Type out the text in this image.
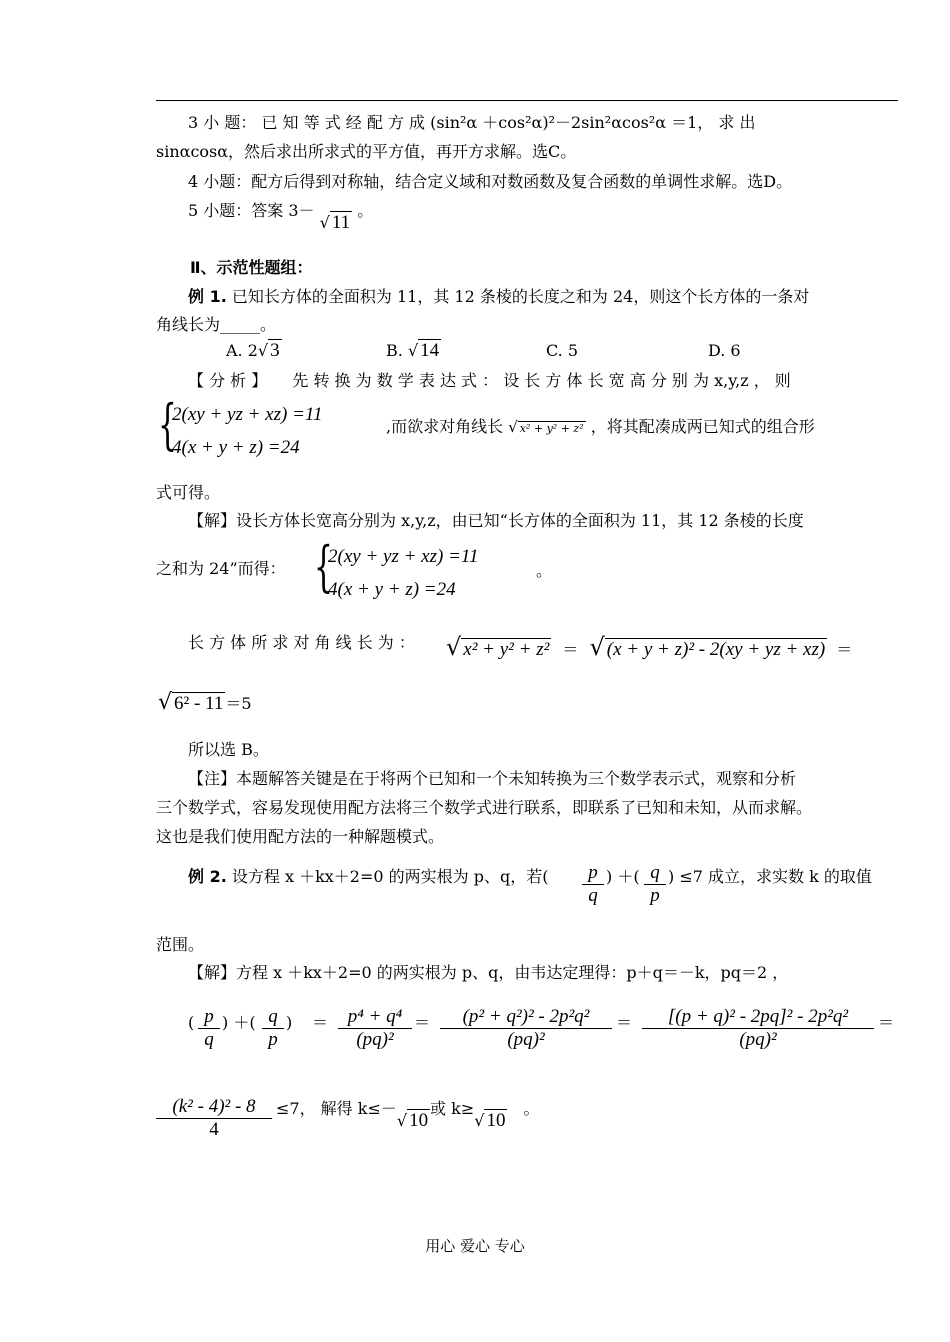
3 小 题： 已 知 等 式 经 配 方 成 (sin²α ＋cos²α)²－2sin²αcos²α ＝1， 求 出
sinαcosα，然后求出所求式的平方值，再开方求解。选C。
4 小题：配方后得到对称轴，结合定义域和对数函数及复合函数的单调性求解。选D。
5 小题：答案 3－ √ 11 。
Ⅱ、示范性题组：
例 1. 已知长方体的全面积为 11，其 12 条棱的长度之和为 24，则这个长方体的一条对
角线长为_____。
A. 2√ 3	B. √ 14	C. 5	D. 6
【 分 析 】 先 转 换 为 数 学 表 达 式 ： 设 长 方 体 长 宽 高 分 别 为 x,y,z ， 则
{
2(xy + yz + xz) =11
4(x + y + z) =24
,而欲求对角线长 √ x² + y² + z² ，将其配凑成两已知式的组合形
式可得。
【解】设长方体长宽高分别为 x,y,z，由已知“长方体的全面积为 11，其 12 条棱的长度
之和为 24”而得： {
2(xy + yz + xz) =11
4(x + y + z) =24
。
长 方 体 所 求 对 角 线 长 为 ： √ x² + y² + z² ＝ √ (x + y + z)² - 2(xy + yz + xz) ＝
√ 6² - 11 ＝5
所以选 B。
【注】本题解答关键是在于将两个已知和一个未知转换为三个数学表示式，观察和分析
三个数学式，容易发现使用配方法将三个数学式进行联系，即联系了已知和未知，从而求解。
这也是我们使用配方法的一种解题模式。
例 2. 设方程 x ＋kx＋2=0 的两实根为 p、q，若( $\frac{p}{q}$ ) ＋( $\frac{q}{p}$ ) ≤7 成立，求实数 k 的取值
范围。
【解】方程 x ＋kx＋2=0 的两实根为 p、q，由韦达定理得：p＋q＝－k，pq＝2 ，
( $\frac{p}{q}$ ) ＋( $\frac{q}{p}$ ) ＝ $\frac{\text{p⁴ + q⁴}}{\text{(pq)²}} = \frac{\text{(p² + q²)² - 2p²q²}}{\text{(pq)²}} = \frac{\text{[(p + q)² - 2pq]² - 2p²q²}}{\text{(pq)²}}$ ＝
$\frac{\text{(k² - 4)² - 8}}{4} \le 7$， 解得 k≤－√ 10或 k≥√ 10。
用心 爱心 专心
